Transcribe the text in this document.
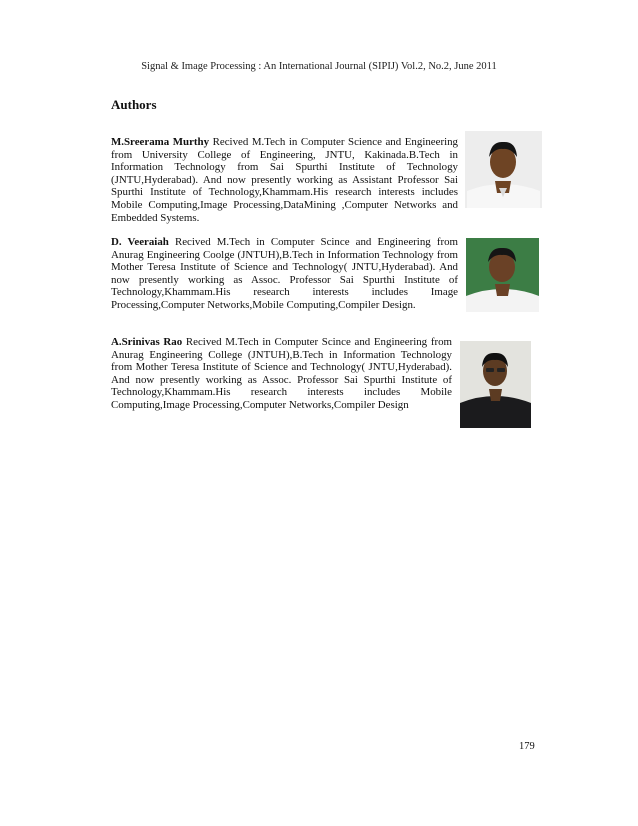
Signal & Image Processing : An International Journal (SIPIJ) Vol.2, No.2, June 2011
Authors
M.Sreerama Murthy Recived M.Tech in Computer Science and Engineering from University College of Engineering, JNTU, Kakinada.B.Tech in Information Technology from Sai Spurthi Institute of Technology (JNTU,Hyderabad). And now presently working as Assistant Professor Sai Spurthi Institute of Technology,Khammam.His research interests includes Mobile Computing,Image Processing,DataMining ,Computer Networks and Embedded Systems.
D. Veeraiah Recived M.Tech in Computer Scince and Engineering from Anurag Engineering Coolge (JNTUH),B.Tech in Information Technology from Mother Teresa Institute of Science and Technology( JNTU,Hyderabad). And now presently working as Assoc. Professor Sai Spurthi Institute of Technology,Khammam.His research interests includes Image Processing,Computer Networks,Mobile Computing,Compiler Design.
A.Srinivas Rao Recived M.Tech in Computer Scince and Engineering from Anurag Engineering College (JNTUH),B.Tech in Information Technology from Mother Teresa Institute of Science and Technology( JNTU,Hyderabad). And now presently working as Assoc. Professor Sai Spurthi Institute of Technology,Khammam.His research interests includes Mobile Computing,Image Processing,Computer Networks,Compiler Design
179
